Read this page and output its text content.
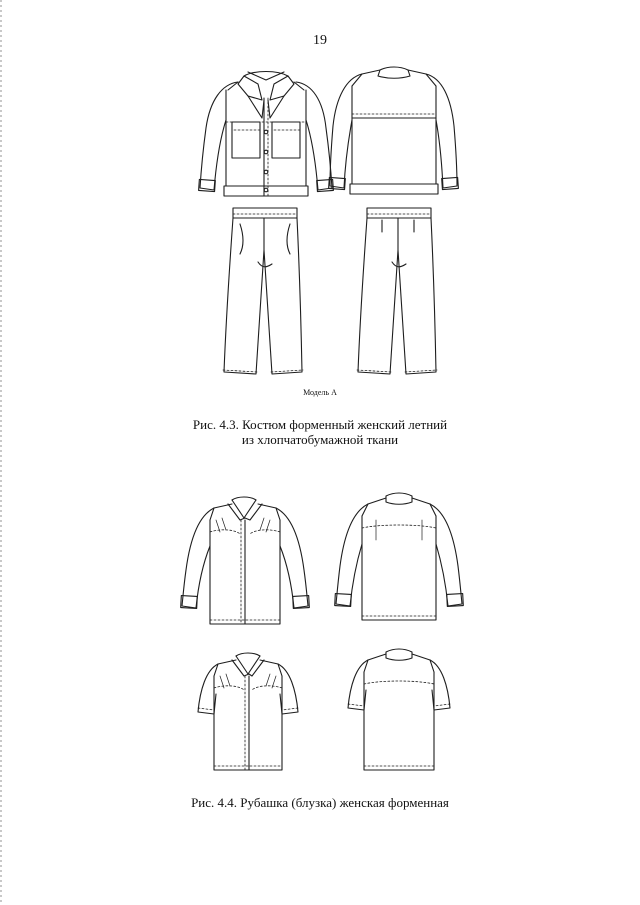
19
Модель А
Рис. 4.3. Костюм форменный женский летний
из хлопчатобумажной ткани
Рис. 4.4. Рубашка (блузка) женская форменная
